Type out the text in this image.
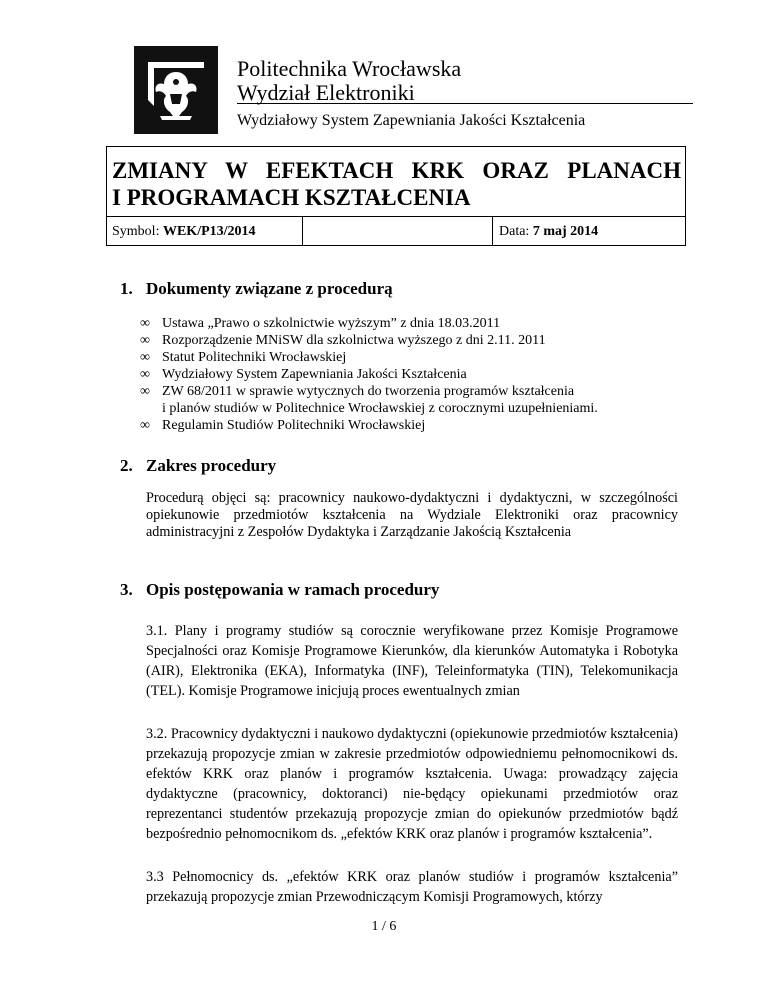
Politechnika Wrocławska
Wydział Elektroniki
Wydziałowy System Zapewniania Jakości Kształcenia
ZMIANY W EFEKTACH KRK ORAZ PLANACH
I PROGRAMACH KSZTAŁCENIA
Symbol: WEK/P13/2014	Data: 7 maj 2014
1. Dokumenty związane z procedurą
∞ Ustawa „Prawo o szkolnictwie wyższym” z dnia 18.03.2011
∞ Rozporządzenie MNiSW dla szkolnictwa wyższego z dni 2.11. 2011
∞ Statut Politechniki Wrocławskiej
∞ Wydziałowy System Zapewniania Jakości Kształcenia
∞ ZW 68/2011 w sprawie wytycznych do tworzenia programów kształcenia
i planów studiów w Politechnice Wrocławskiej z corocznymi uzupełnieniami.
∞ Regulamin Studiów Politechniki Wrocławskiej
2. Zakres procedury

Procedurą objęci są: pracownicy naukowo-dydaktyczni i dydaktyczni, w szczególności opiekunowie przedmiotów kształcenia na Wydziale Elektroniki oraz pracownicy administracyjni z Zespołów Dydaktyka i Zarządzanie Jakością Kształcenia

3. Opis postępowania w ramach procedury

3.1. Plany i programy studiów są corocznie weryfikowane przez Komisje Programowe Specjalności oraz Komisje Programowe Kierunków, dla kierunków Automatyka i Robotyka (AIR), Elektronika (EKA), Informatyka (INF), Teleinformatyka (TIN), Telekomunikacja (TEL). Komisje Programowe inicjują proces ewentualnych zmian

3.2. Pracownicy dydaktyczni i naukowo dydaktyczni (opiekunowie przedmiotów kształcenia) przekazują propozycje zmian w zakresie przedmiotów odpowiedniemu pełnomocnikowi ds. efektów KRK oraz planów i programów kształcenia. Uwaga: prowadzący zajęcia dydaktyczne (pracownicy, doktoranci) nie-będący opiekunami przedmiotów oraz reprezentanci studentów przekazują propozycje zmian do opiekunów przedmiotów bądź bezpośrednio pełnomocnikom ds. „efektów KRK oraz planów i programów kształcenia”.

3.3 Pełnomocnicy ds. „efektów KRK oraz planów studiów i programów kształcenia” przekazują propozycje zmian Przewodniczącym Komisji Programowych, którzy

1 / 6
